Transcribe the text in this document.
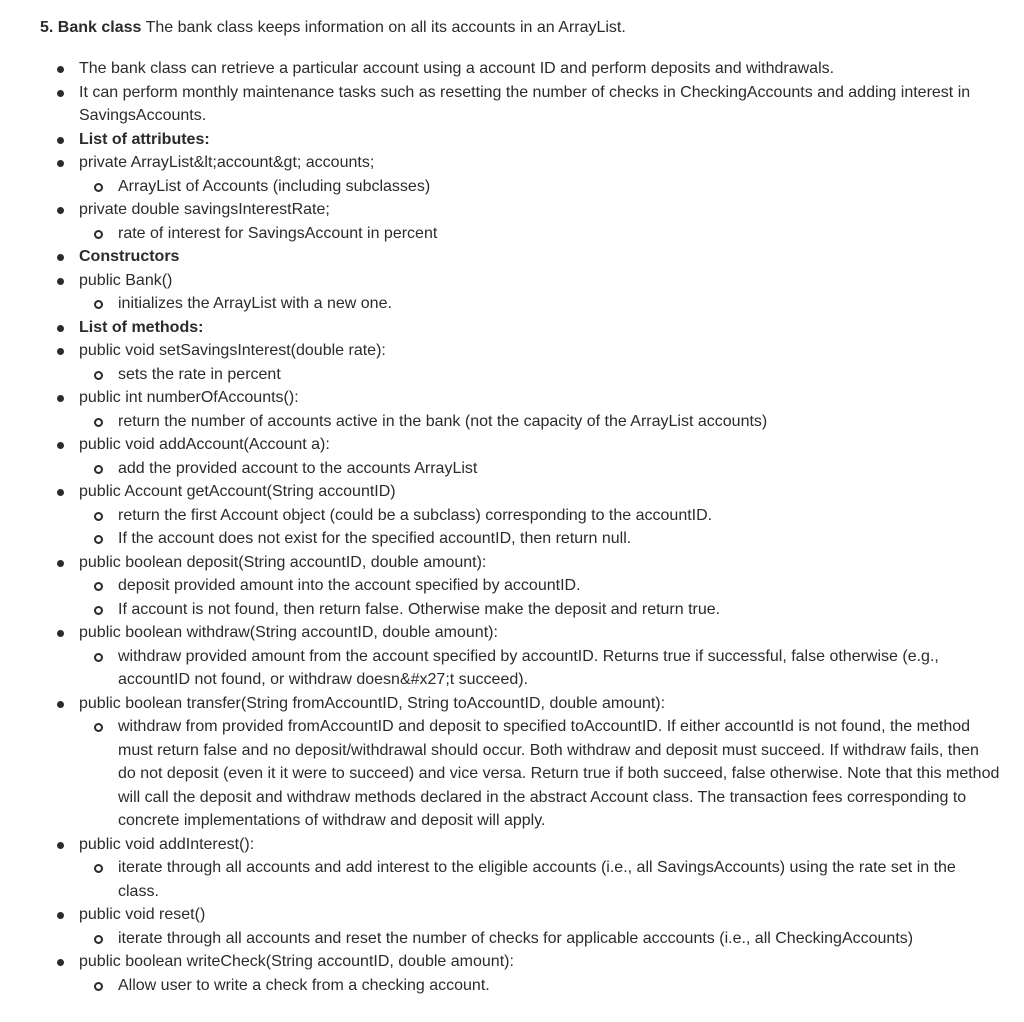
5. Bank class The bank class keeps information on all its accounts in an ArrayList.
The bank class can retrieve a particular account using a account ID and perform deposits and withdrawals.
It can perform monthly maintenance tasks such as resetting the number of checks in CheckingAccounts and adding interest in SavingsAccounts.
List of attributes:
private ArrayList&lt;account&gt; accounts;
ArrayList of Accounts (including subclasses)
private double savingsInterestRate;
rate of interest for SavingsAccount in percent
Constructors
public Bank()
initializes the ArrayList with a new one.
List of methods:
public void setSavingsInterest(double rate):
sets the rate in percent
public int numberOfAccounts():
return the number of accounts active in the bank (not the capacity of the ArrayList accounts)
public void addAccount(Account a):
add the provided account to the accounts ArrayList
public Account getAccount(String accountID)
return the first Account object (could be a subclass) corresponding to the accountID.
If the account does not exist for the specified accountID, then return null.
public boolean deposit(String accountID, double amount):
deposit provided amount into the account specified by accountID.
If account is not found, then return false. Otherwise make the deposit and return true.
public boolean withdraw(String accountID, double amount):
withdraw provided amount from the account specified by accountID. Returns true if successful, false otherwise (e.g., accountID not found, or withdraw doesn&#x27;t succeed).
public boolean transfer(String fromAccountID, String toAccountID, double amount):
withdraw from provided fromAccountID and deposit to specified toAccountID. If either accountId is not found, the method must return false and no deposit/withdrawal should occur. Both withdraw and deposit must succeed. If withdraw fails, then do not deposit (even it it were to succeed) and vice versa. Return true if both succeed, false otherwise. Note that this method will call the deposit and withdraw methods declared in the abstract Account class. The transaction fees corresponding to concrete implementations of withdraw and deposit will apply.
public void addInterest():
iterate through all accounts and add interest to the eligible accounts (i.e., all SavingsAccounts) using the rate set in the class.
public void reset()
iterate through all accounts and reset the number of checks for applicable acccounts (i.e., all CheckingAccounts)
public boolean writeCheck(String accountID, double amount):
Allow user to write a check from a checking account.
